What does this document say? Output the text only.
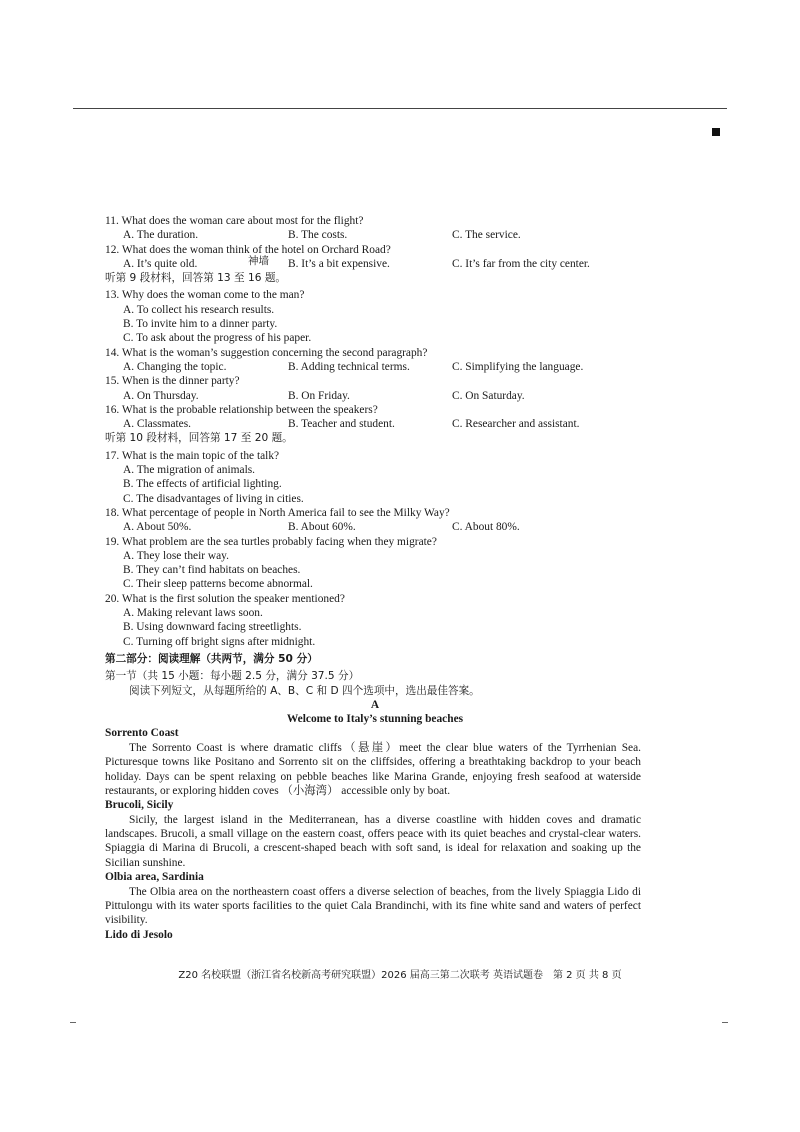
11. What does the woman care about most for the flight?
A. The duration.	B. The costs.	C. The service.
12. What does the woman think of the hotel on Orchard Road?
A. It’s quite old.	神墙 B. It’s a bit expensive.	C. It’s far from the city center.
听第 9 段材料，回答第 13 至 16 题。
13. Why does the woman come to the man?
A. To collect his research results.
B. To invite him to a dinner party.
C. To ask about the progress of his paper.
14. What is the woman’s suggestion concerning the second paragraph?
A. Changing the topic.	B. Adding technical terms.	C. Simplifying the language.
15. When is the dinner party?
A. On Thursday.	B. On Friday.	C. On Saturday.
16. What is the probable relationship between the speakers?
A. Classmates.	B. Teacher and student.	C. Researcher and assistant.
听第 10 段材料，回答第 17 至 20 题。
17. What is the main topic of the talk?
A. The migration of animals.
B. The effects of artificial lighting.
C. The disadvantages of living in cities.
18. What percentage of people in North America fail to see the Milky Way?
A. About 50%.	B. About 60%.	C. About 80%.
19. What problem are the sea turtles probably facing when they migrate?
A. They lose their way.
B. They can’t find habitats on beaches.
C. Their sleep patterns become abnormal.
20. What is the first solution the speaker mentioned?
A. Making relevant laws soon.
B. Using downward facing streetlights.
C. Turning off bright signs after midnight.
第二部分：阅读理解（共两节，满分 50 分）
第一节（共 15 小题：每小题 2.5 分，满分 37.5 分）
阅读下列短文，从每题所给的 A、B、C 和 D 四个选项中，选出最佳答案。
A
Welcome to Italy’s stunning beaches
Sorrento Coast
The Sorrento Coast is where dramatic cliffs（悬崖）meet the clear blue waters of the Tyrrhenian Sea. Picturesque towns like Positano and Sorrento sit on the cliffsides, offering a breathtaking backdrop to your beach holiday. Days can be spent relaxing on pebble beaches like Marina Grande, enjoying fresh seafood at waterside restaurants, or exploring hidden coves （小海湾） accessible only by boat.
Brucoli, Sicily
Sicily, the largest island in the Mediterranean, has a diverse coastline with hidden coves and dramatic landscapes. Brucoli, a small village on the eastern coast, offers peace with its quiet beaches and crystal-clear waters. Spiaggia di Marina di Brucoli, a crescent-shaped beach with soft sand, is ideal for relaxation and soaking up the Sicilian sunshine.
Olbia area, Sardinia
The Olbia area on the northeastern coast offers a diverse selection of beaches, from the lively Spiaggia Lido di Pittulongu with its water sports facilities to the quiet Cala Brandinchi, with its fine white sand and waters of perfect visibility.
Lido di Jesolo
Z20 名校联盟（浙江省名校新高考研究联盟）2026 届高三第二次联考 英语试题卷　第 2 页 共 8 页
